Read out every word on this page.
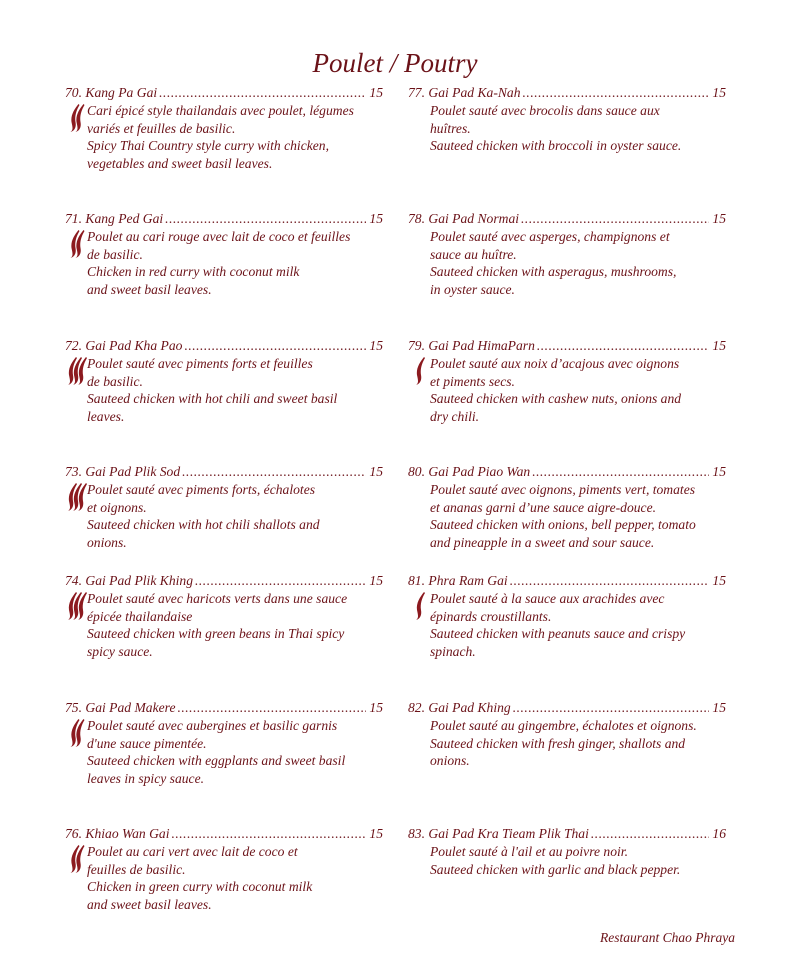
Poulet / Poutry
70. Kang Pa Gai .....	15
Cari épicé style thailandais avec poulet, légumes
variés et feuilles de basilic.
Spicy Thai Country style curry with chicken,
vegetables and sweet basil leaves.
71. Kang Ped Gai .....	15
Poulet au cari rouge avec lait de coco et feuilles
de basilic.
Chicken in red curry with coconut milk
and sweet basil leaves.
72. Gai Pad Kha Pao .....	15
Poulet sauté avec piments forts et feuilles
de basilic.
Sauteed chicken with hot chili and sweet basil
leaves.
73. Gai Pad Plik Sod .....	15
Poulet sauté avec piments forts, échalotes
et oignons.
Sauteed chicken with hot chili shallots and
onions.
74. Gai Pad Plik Khing .....	15
Poulet sauté avec haricots verts dans une sauce
épicée thailandaise
Sauteed chicken with green beans in Thai spicy
spicy sauce.
75. Gai Pad Makere .....	15
Poulet sauté avec aubergines et basilic garnis
d'une sauce pimentée.
Sauteed chicken with eggplants and sweet basil
leaves in spicy sauce.
76. Khiao Wan Gai .....	15
Poulet au cari vert avec lait de coco et
feuilles de basilic.
Chicken in green curry with coconut milk
and sweet basil leaves.
77. Gai Pad Ka-Nah .....	15
Poulet sauté avec brocolis dans sauce aux
huîtres.
Sauteed chicken with broccoli in oyster sauce.
78. Gai Pad Normai .....	15
Poulet sauté avec asperges, champignons et
sauce au huître.
Sauteed chicken with asperagus, mushrooms,
in oyster sauce.
79. Gai Pad HimaParn .....	15
Poulet sauté aux noix d’acajous avec oignons
et piments secs.
Sauteed chicken with cashew nuts, onions and
dry chili.
80. Gai Pad Piao Wan .....	15
Poulet sauté avec oignons, piments vert, tomates
et ananas garni d’une sauce aigre-douce.
Sauteed chicken with onions, bell pepper, tomato
and pineapple in a sweet and sour sauce.
81. Phra Ram Gai .....	15
Poulet sauté à la sauce aux arachides avec
épinards croustillants.
Sauteed chicken with peanuts sauce and crispy
spinach.
82. Gai Pad Khing .....	15
Poulet sauté au gingembre, échalotes et oignons.
Sauteed chicken with fresh ginger, shallots and
onions.
83. Gai Pad Kra Tieam Plik Thai .....	16
Poulet sauté à l'ail et au poivre noir.
Sauteed chicken with garlic and black pepper.
Restaurant Chao Phraya
